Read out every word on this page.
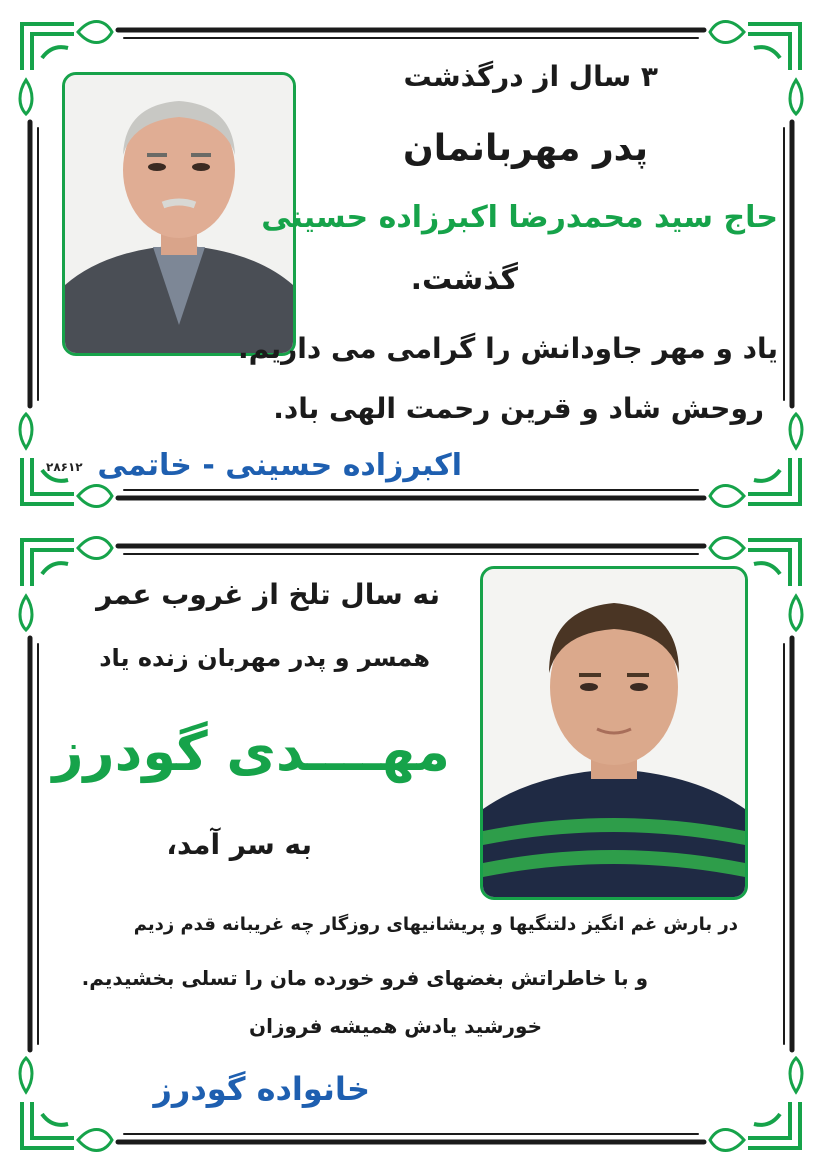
۳ سال از درگذشت
پدر مهربانمان
حاج سید محمدرضا اکبرزاده حسینی
گذشت.
یاد و مهر جاودانش را گرامی می داریم.
روحش شاد و قرین رحمت الهی باد.
اکبرزاده حسینی - خاتمی
۲۸۶۱۲
نه سال تلخ از غروب عمر
همسر و پدر مهربان زنده یاد
مهــــدی گودرز
به سر آمد،
در بارش غم انگیز دلتنگیها و پریشانیهای روزگار چه غریبانه قدم زدیم
و با خاطراتش بغضهای فرو خورده مان را تسلی بخشیدیم.
خورشید یادش همیشه فروزان
خانواده گودرز
